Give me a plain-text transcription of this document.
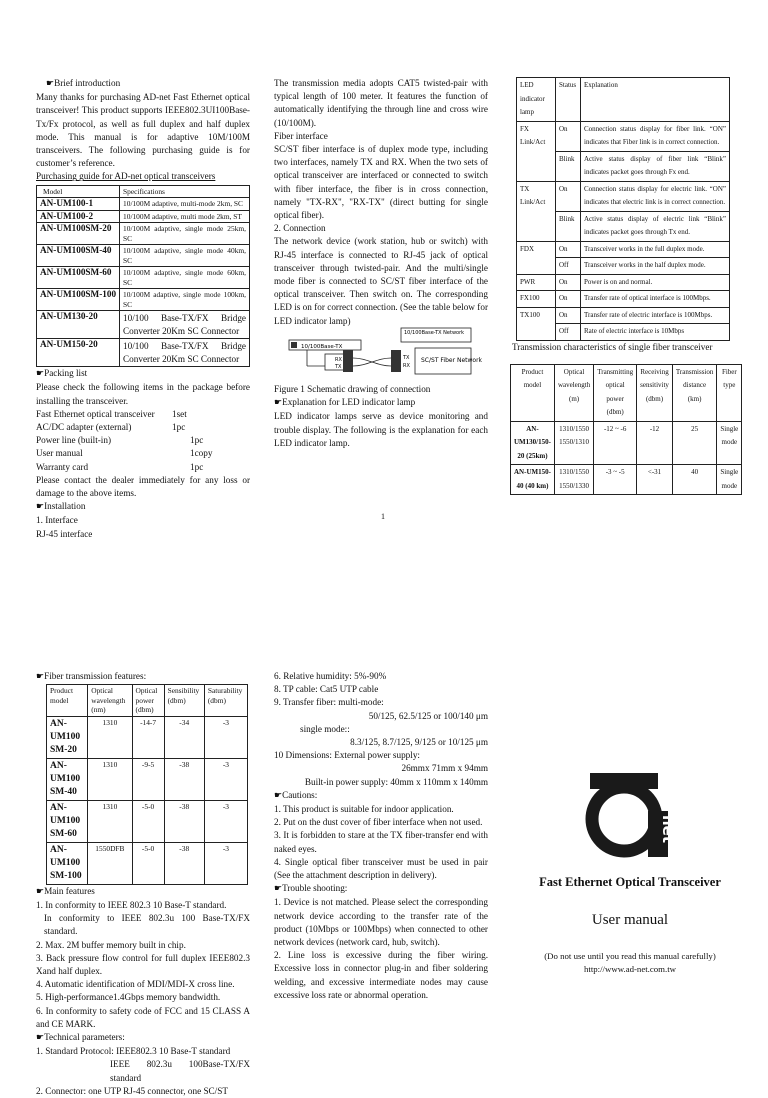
☛Brief introduction

Many thanks for purchasing AD-net Fast Ethernet optical transceiver! This product supports IEEE802.3UI100Base-Tx/Fx protocol, as well as full duplex and half duplex mode. This manual is for adaptive 10M/100M transceivers. The following purchasing guide is for customer’s reference.

Purchasing guide for AD-net optical transceivers
Model	Specifications
AN-UM100-1	10/100M adaptive, multi-mode 2km, SC
AN-UM100-2	10/100M adaptive, multi mode 2km, ST
AN-UM100SM-20	10/100M adaptive, single mode 25km, SC
AN-UM100SM-40	10/100M adaptive, single mode 40km, SC
AN-UM100SM-60	10/100M adaptive, single mode 60km, SC
AN-UM100SM-100	10/100M adaptive, single mode 100km, SC
AN-UM130-20	10/100 Base-TX/FX Bridge Converter 20Km SC Connector
AN-UM150-20	10/100 Base-TX/FX Bridge Converter 20Km SC Connector
☛Packing list

Please check the following items in the package before installing the transceiver.

Fast Ethernet optical transceiver	1set
AC/DC adapter (external)	1pc
Power line (built-in)	1pc
User manual	1copy
Warranty card	1pc

Please contact the dealer immediately for any loss or damage to the above items.

☛Installation
1. Interface
RJ-45 interface

The transmission media adopts CAT5 twisted-pair with typical length of 100 meter. It features the function of automatically identifying the through line and cross wire (10/100M).

Fiber interface

SC/ST fiber interface is of duplex mode type, including two interfaces, namely TX and RX. When the two sets of optical transceiver are interfaced or connected to switch with fiber interface, the fiber is in cross connection, namely "TX-RX", "RX-TX" (direct butting for single optical fiber).

2. Connection

The network device (work station, hub or switch) with RJ-45 interface is connected to RJ-45 jack of optical transceiver through twisted-pair. And the multi/single mode fiber is connected to SC/ST fiber interface of the optical transceiver. Then switch on. The corresponding LED is on for correct connection. (See the table below for LED indicator lamp)

10/100Base-TX
RX
TX
TX
RX
10/100Base-TX Network
SC/ST Fiber Network
Figure 1 Schematic drawing of connection
☛Explanation for LED indicator lamp

LED indicator lamps serve as device monitoring and trouble display. The following is the explanation for each LED indicator lamp.

LED indicator lamp	Status	Explanation
FX Link/Act	On	Connection status display for fiber link. “ON” indicates that Fiber link is in correct connection.
	Blink	Active status display of fiber link “Blink” indicates packet goes through Fx end.
TX Link/Act	On	Connection status display for electric link. “ON” indicates that electric link is in correct connection.
	Blink	Active status display of electric link “Blink” indicates packet goes through Tx end.
FDX	On	Transceiver works in the full duplex mode.
	Off	Transceiver works in the half duplex mode.
PWR	On	Power is on and normal.
FX100	On	Transfer rate of optical interface is 100Mbps.
TX100	On	Transfer rate of electric interface is 100Mbps.
	Off	Rate of electric interface is 10Mbps
Transmission characteristics of single fiber transceiver
Product model	Optical wavelength (m)	Transmitting optical power (dbm)	Receiving sensitivity (dbm)	Transmission distance (km)	Fiber type
AN-UM130/150-20 (25km)	1310/1550 1550/1310	-12 ~ -6	-12	25	Single mode
AN-UM150-40 (40 km)	1310/1550 1550/1330	-3 ~ -5	<-31	40	Single mode
1
☛Fiber transmission features:
Product model	Optical wavelength (nm)	Optical power (dbm)	Sensibility (dbm)	Saturability (dbm)
AN-UM100 SM-20	1310	-14-7	-34	-3
AN-UM100 SM-40	1310	-9-5	-38	-3
AN-UM100 SM-60	1310	-5-0	-38	-3
AN-UM100 SM-100	1550DFB	-5-0	-38	-3
☛Main features
1. In conformity to IEEE 802.3 10 Base-T standard.
In conformity to IEEE 802.3u 100 Base-TX/FX standard.
2. Max. 2M buffer memory built in chip.
3. Back pressure flow control for full duplex IEEE802.3 Xand half duplex.
4. Automatic identification of MDI/MDI-X cross line.
5. High-performance1.4Gbps memory bandwidth.
6. In conformity to safety code of FCC and 15 CLASS A and CE MARK.
☛Technical parameters:
1. Standard Protocol: IEEE802.3 10 Base-T standard
IEEE 802.3u 100Base-TX/FX standard
2. Connector: one UTP RJ-45 connector, one SC/ST
6. Relative humidity: 5%-90%
8. TP cable: Cat5 UTP cable
9. Transfer fiber: multi-mode:
50/125, 62.5/125 or 100/140 μm
single mode::
8.3/125, 8.7/125, 9/125 or 10/125 μm
10 Dimensions: External power supply:
26mmx 71mm x 94mm
Built-in power supply: 40mm x 110mm x 140mm
☛Cautions:

1. This product is suitable for indoor application.

2. Put on the dust cover of fiber interface when not used.

3. It is forbidden to stare at the TX fiber-transfer end with naked eyes.

4. Single optical fiber transceiver must be used in pair (See the attachment description in delivery).

☛Trouble shooting:

1. Device is not matched. Please select the corresponding network device according to the transfer rate of the product (10Mbps or 100Mbps) when connected to other network devices (network card, hub, switch).

2. Line loss is excessive during the fiber wiring. Excessive loss in connector plug-in and fiber soldering welding, and excessive intermediate nodes may cause excessive loss rate or abnormal operation.

net
Fast Ethernet Optical Transceiver
User manual
(Do not use until you read this manual carefully)
http://www.ad-net.com.tw
